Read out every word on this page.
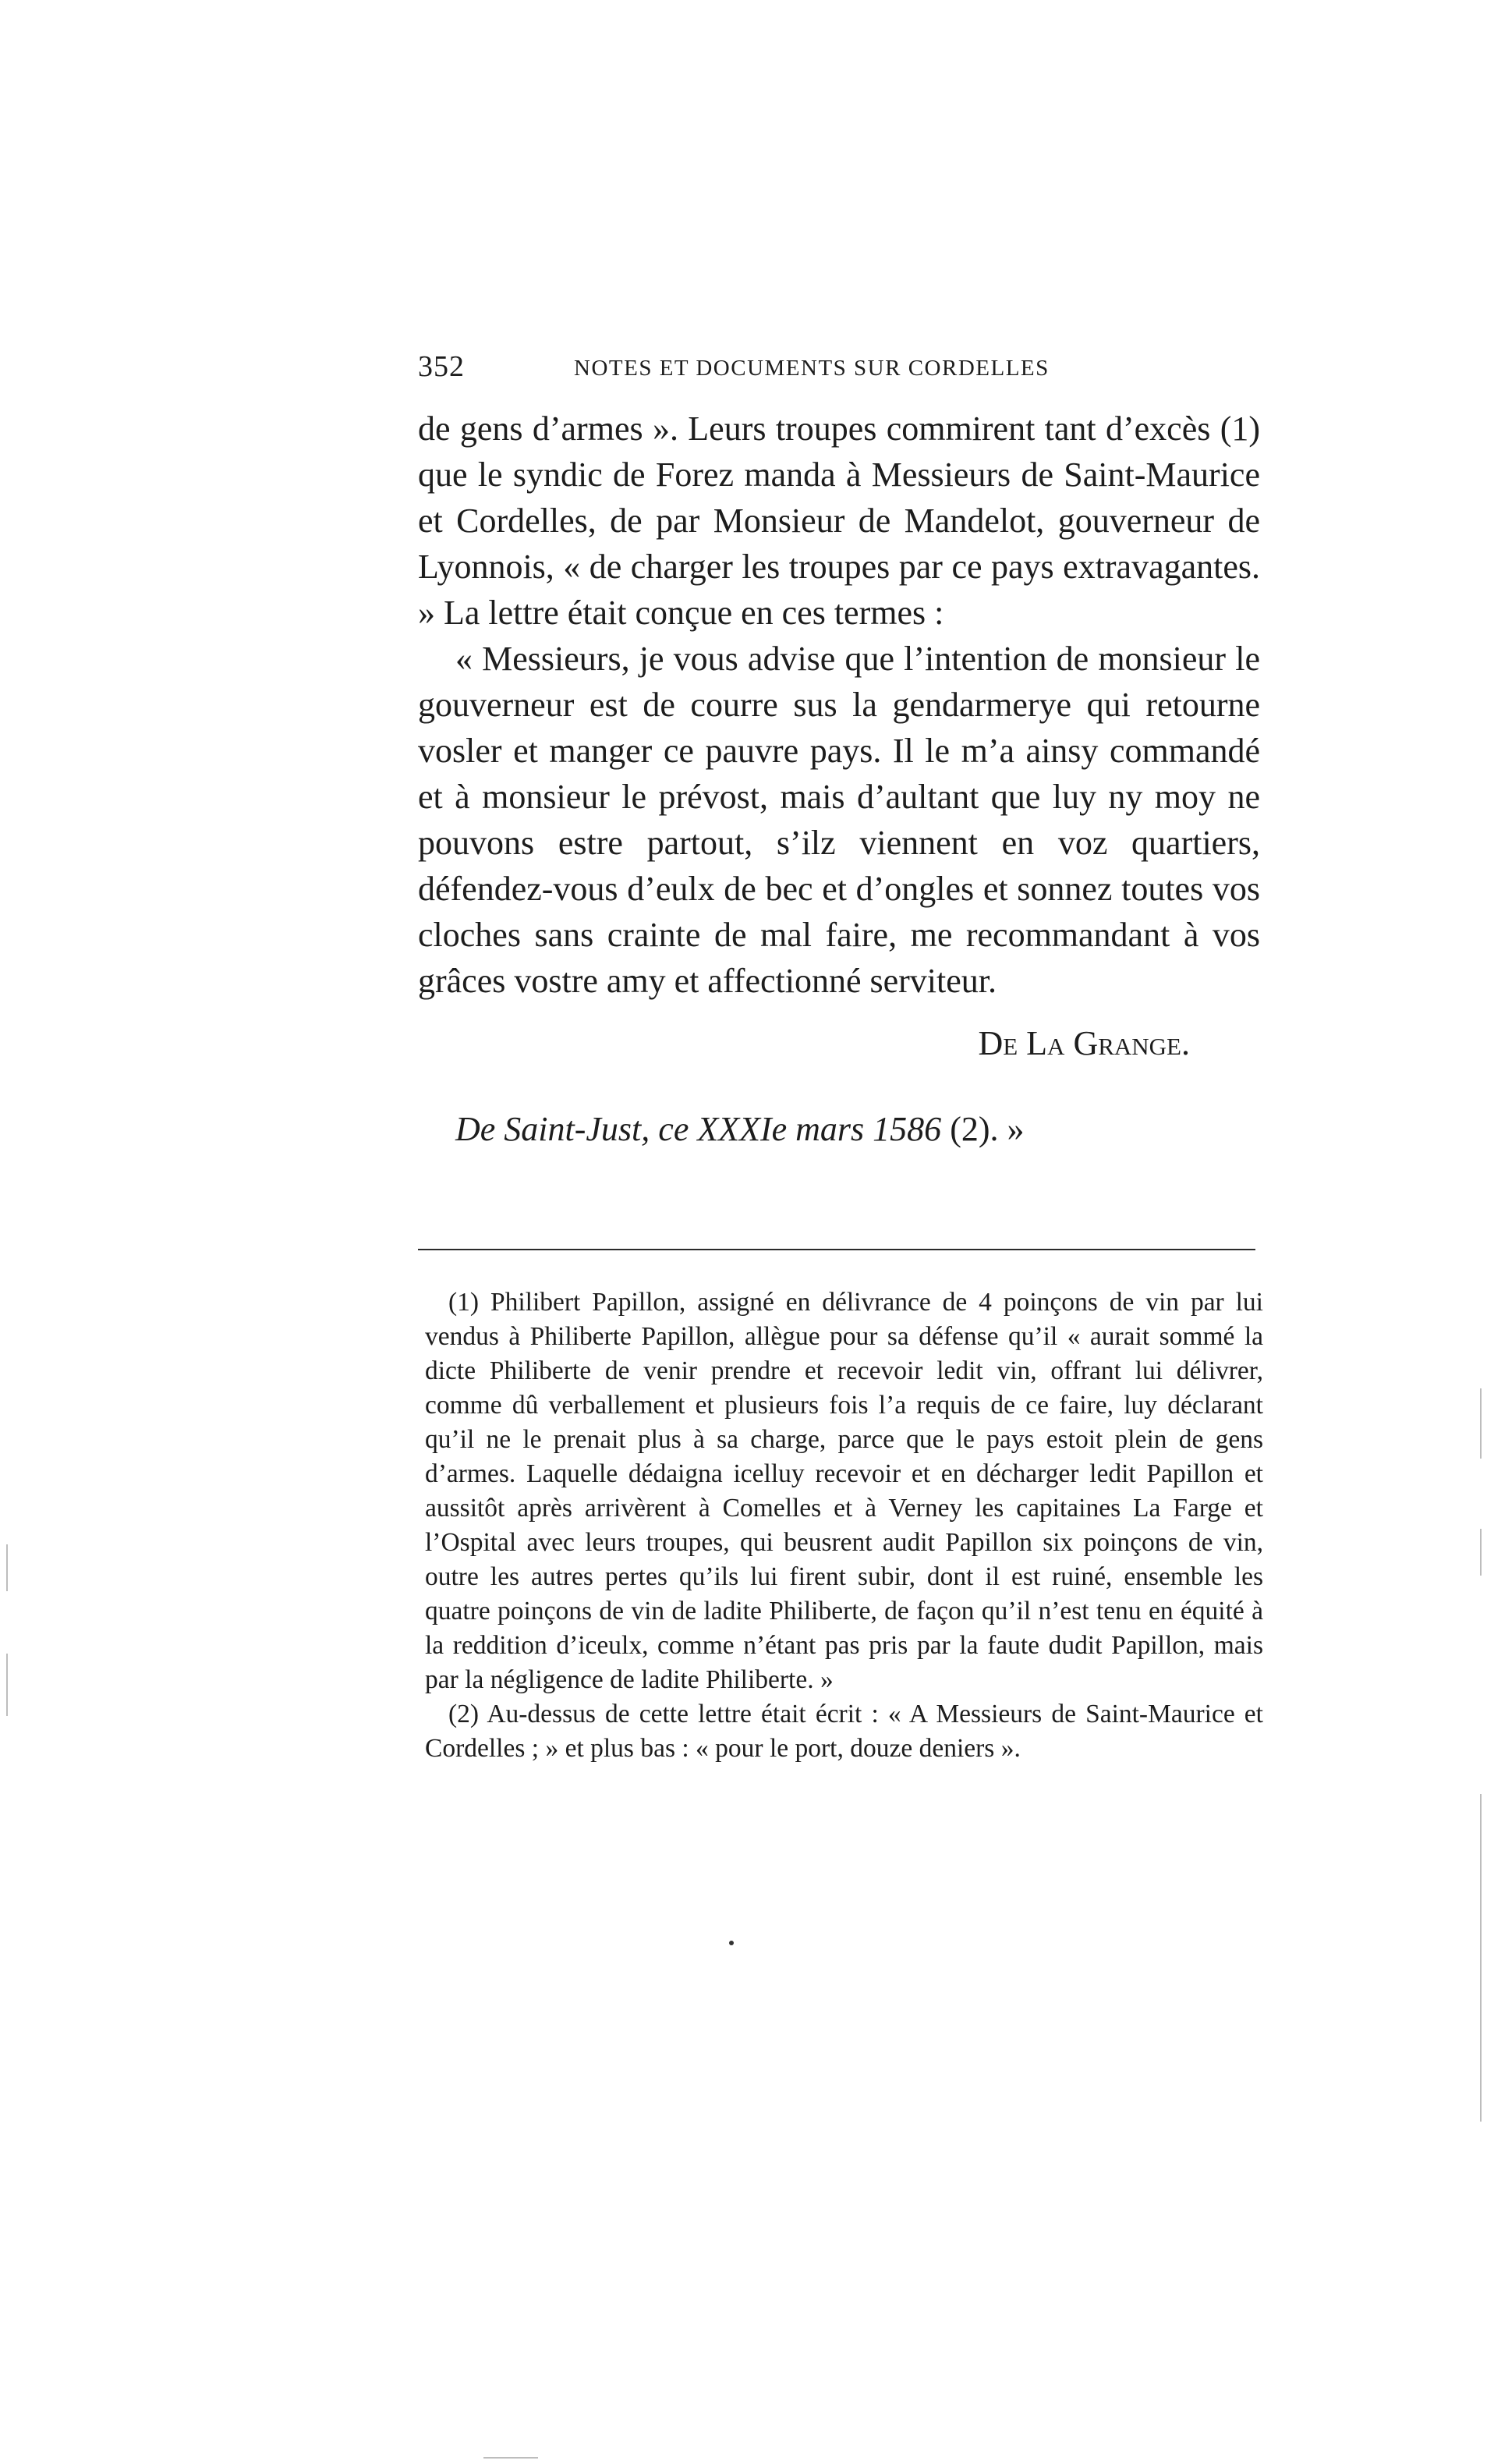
352	NOTES ET DOCUMENTS SUR CORDELLES

de gens d’armes ». Leurs troupes commirent tant d’excès (1) que le syndic de Forez manda à Messieurs de Saint-Maurice et Cordelles, de par Monsieur de Mandelot, gouverneur de Lyonnois, « de charger les troupes par ce pays extravagantes. » La lettre était conçue en ces termes :

« Messieurs, je vous advise que l’intention de monsieur le gouverneur est de courre sus la gendarmerye qui retourne vosler et manger ce pauvre pays. Il le m’a ainsy commandé et à monsieur le prévost, mais d’aultant que luy ny moy ne pouvons estre partout, s’ilz viennent en voz quartiers, défendez-vous d’eulx de bec et d’ongles et sonnez toutes vos cloches sans crainte de mal faire, me recommandant à vos grâces vostre amy et affectionné serviteur.

De La Grange.
De Saint-Just, ce XXXIe mars 1586 (2). »

(1) Philibert Papillon, assigné en délivrance de 4 poinçons de vin par lui vendus à Philiberte Papillon, allègue pour sa défense qu’il « aurait sommé la dicte Philiberte de venir prendre et recevoir ledit vin, offrant lui délivrer, comme dû verballement et plusieurs fois l’a requis de ce faire, luy déclarant qu’il ne le prenait plus à sa charge, parce que le pays estoit plein de gens d’armes. Laquelle dédaigna icelluy recevoir et en décharger ledit Papillon et aussitôt après arrivèrent à Comelles et à Verney les capitaines La Farge et l’Ospital avec leurs troupes, qui beusrent audit Papillon six poinçons de vin, outre les autres pertes qu’ils lui firent subir, dont il est ruiné, ensemble les quatre poinçons de vin de ladite Philiberte, de façon qu’il n’est tenu en équité à la reddition d’iceulx, comme n’étant pas pris par la faute dudit Papillon, mais par la négligence de ladite Philiberte. »

(2) Au-dessus de cette lettre était écrit : « A Messieurs de Saint-Maurice et Cordelles ; » et plus bas : « pour le port, douze deniers ».
